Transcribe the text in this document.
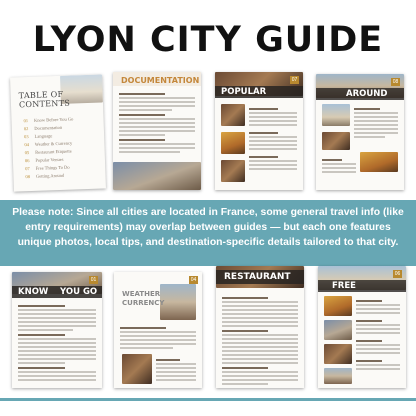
LYON CITY GUIDE
TABLE OF CONTENTS
01 Know Before You Go
02 Documentation
03 Language
04 Weather & Currency
05 Restaurant Etiquette
06 Popular Venues
07 Free Things To Do
08 Getting Around
DOCUMENTATION
POPULAR
07
AROUND
08
Please note: Since all cities are located in France, some general travel info (like entry requirements) may overlap between guides — but each one features unique photos, local tips, and destination-specific details tailored to that city.
KNOW YOU GO
01
WEATHER
CURRENCY
04	RESTAURANT
FREE
06
